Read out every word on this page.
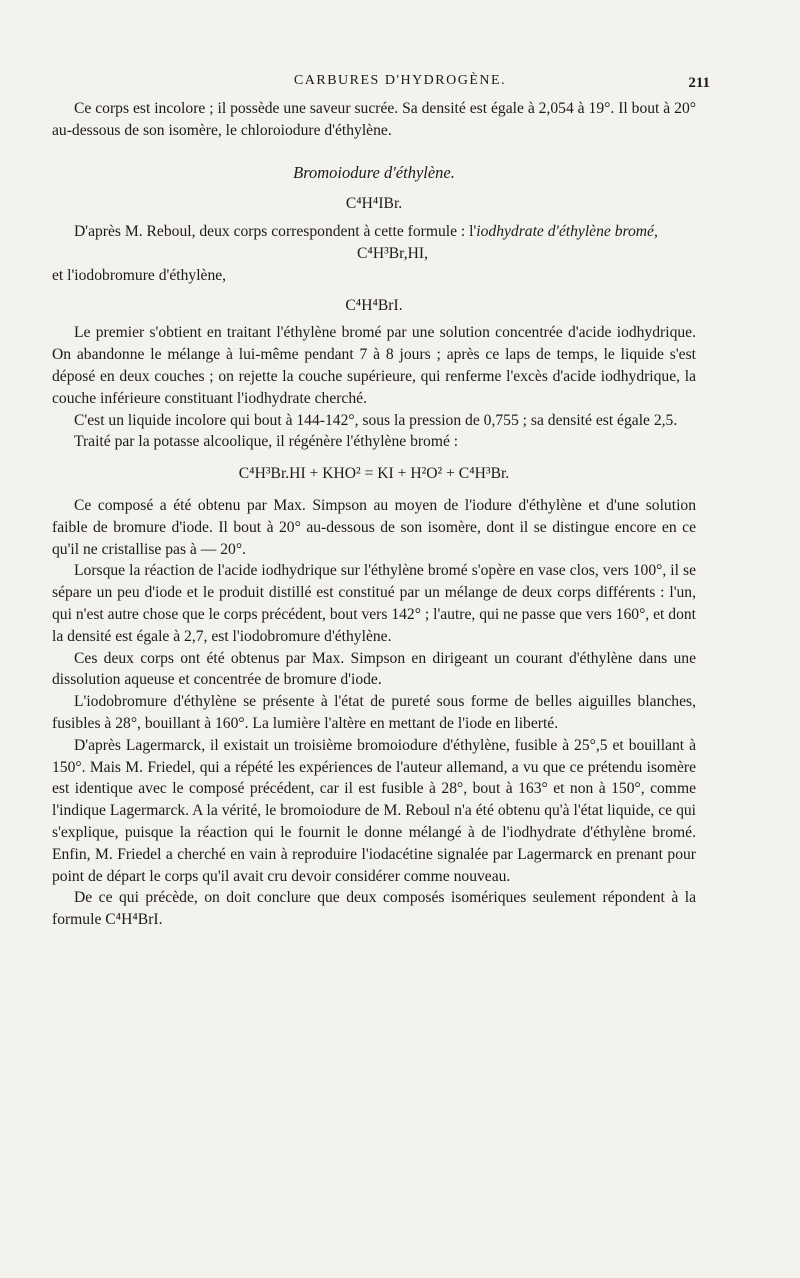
CARBURES D'HYDROGÈNE.	211

Ce corps est incolore ; il possède une saveur sucrée. Sa densité est égale à 2,054 à 19°. Il bout à 20° au-dessous de son isomère, le chloroiodure d'éthylène.

Bromoiodure d'éthylène.

C⁴H⁴IBr.

D'après M. Reboul, deux corps correspondent à cette formule : l'iodhydrate d'éthylène bromé,

C⁴H³Br,HI,

et l'iodobromure d'éthylène,

C⁴H⁴BrI.

Le premier s'obtient en traitant l'éthylène bromé par une solution concentrée d'acide iodhydrique. On abandonne le mélange à lui-même pendant 7 à 8 jours ; après ce laps de temps, le liquide s'est déposé en deux couches ; on rejette la couche supérieure, qui renferme l'excès d'acide iodhydrique, la couche inférieure constituant l'iodhydrate cherché.

C'est un liquide incolore qui bout à 144-142°, sous la pression de 0,755 ; sa densité est égale 2,5.

Traité par la potasse alcoolique, il régénère l'éthylène bromé :

C⁴H³Br.HI + KHO² = KI + H²O² + C⁴H³Br.

Ce composé a été obtenu par Max. Simpson au moyen de l'iodure d'éthylène et d'une solution faible de bromure d'iode. Il bout à 20° au-dessous de son isomère, dont il se distingue encore en ce qu'il ne cristallise pas à — 20°.

Lorsque la réaction de l'acide iodhydrique sur l'éthylène bromé s'opère en vase clos, vers 100°, il se sépare un peu d'iode et le produit distillé est constitué par un mélange de deux corps différents : l'un, qui n'est autre chose que le corps précédent, bout vers 142° ; l'autre, qui ne passe que vers 160°, et dont la densité est égale à 2,7, est l'iodobromure d'éthylène.

Ces deux corps ont été obtenus par Max. Simpson en dirigeant un courant d'éthylène dans une dissolution aqueuse et concentrée de bromure d'iode.

L'iodobromure d'éthylène se présente à l'état de pureté sous forme de belles aiguilles blanches, fusibles à 28°, bouillant à 160°. La lumière l'altère en mettant de l'iode en liberté.

D'après Lagermarck, il existait un troisième bromoiodure d'éthylène, fusible à 25°,5 et bouillant à 150°. Mais M. Friedel, qui a répété les expériences de l'auteur allemand, a vu que ce prétendu isomère est identique avec le composé précédent, car il est fusible à 28°, bout à 163° et non à 150°, comme l'indique Lagermarck. A la vérité, le bromoiodure de M. Reboul n'a été obtenu qu'à l'état liquide, ce qui s'explique, puisque la réaction qui le fournit le donne mélangé à de l'iodhydrate d'éthylène bromé. Enfin, M. Friedel a cherché en vain à reproduire l'iodacétine signalée par Lagermarck en prenant pour point de départ le corps qu'il avait cru devoir considérer comme nouveau.

De ce qui précède, on doit conclure que deux composés isomériques seulement répondent à la formule C⁴H⁴BrI.
